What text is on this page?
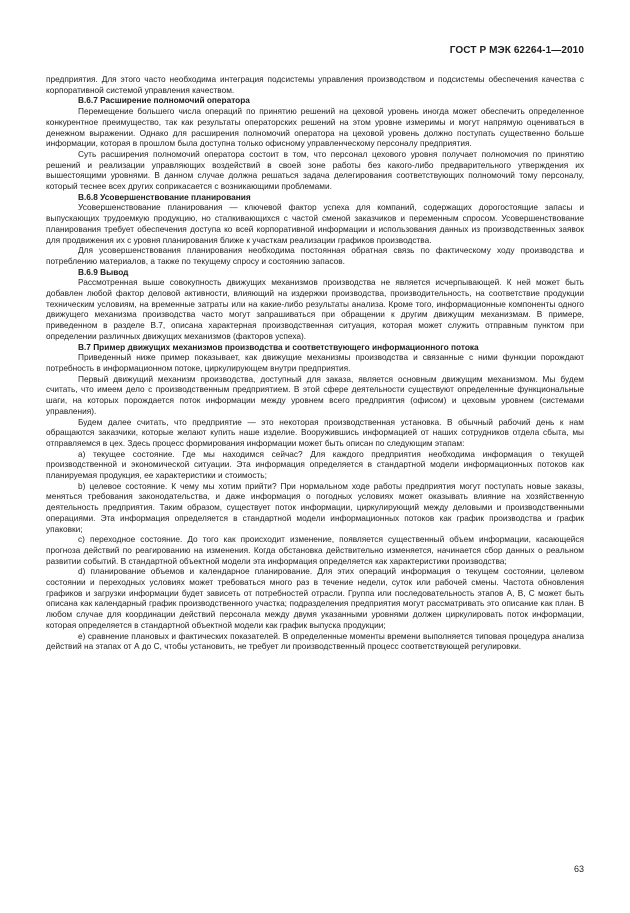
ГОСТ Р МЭК 62264-1—2010

предприятия. Для этого часто необходима интеграция подсистемы управления производством и подсистемы обеспечения качества с корпоративной системой управления качеством.

В.6.7 Расширение полномочий оператора

Перемещение большего числа операций по принятию решений на цеховой уровень иногда может обеспечить определенное конкурентное преимущество, так как результаты операторских решений на этом уровне измеримы и могут напрямую оцениваться в денежном выражении. Однако для расширения полномочий оператора на цеховой уровень должно поступать существенно больше информации, которая в прошлом была доступна только офисному управленческому персоналу предприятия.

Суть расширения полномочий оператора состоит в том, что персонал цехового уровня получает полномочия по принятию решений и реализации управляющих воздействий в своей зоне работы без какого-либо предварительного утверждения их вышестоящими уровнями. В данном случае должна решаться задача делегирования соответствующих полномочий тому персоналу, который теснее всех других соприкасается с возникающими проблемами.

В.6.8 Усовершенствование планирования

Усовершенствование планирования — ключевой фактор успеха для компаний, содержащих дорогостоящие запасы и выпускающих трудоемкую продукцию, но сталкивающихся с частой сменой заказчиков и переменным спросом. Усовершенствование планирования требует обеспечения доступа ко всей корпоративной информации и использования данных из производственных заявок для продвижения их с уровня планирования ближе к участкам реализации графиков производства.

Для усовершенствования планирования необходима постоянная обратная связь по фактическому ходу производства и потреблению материалов, а также по текущему спросу и состоянию запасов.

В.6.9 Вывод

Рассмотренная выше совокупность движущих механизмов производства не является исчерпывающей. К ней может быть добавлен любой фактор деловой активности, влияющий на издержки производства, производительность, на соответствие продукции техническим условиям, на временные затраты или на какие-либо результаты анализа. Кроме того, информационные компоненты одного движущего механизма производства часто могут запрашиваться при обращении к другим движущим механизмам. В примере, приведенном в разделе В.7, описана характерная производственная ситуация, которая может служить отправным пунктом при определении различных движущих механизмов (факторов успеха).

В.7 Пример движущих механизмов производства и соответствующего информационного потока

Приведенный ниже пример показывает, как движущие механизмы производства и связанные с ними функции порождают потребность в информационном потоке, циркулирующем внутри предприятия.

Первый движущий механизм производства, доступный для заказа, является основным движущим механизмом. Мы будем считать, что имеем дело с производственным предприятием. В этой сфере деятельности существуют определенные функциональные шаги, на которых порождается поток информации между уровнем всего предприятия (офисом) и цеховым уровнем (системами управления).

Будем далее считать, что предприятие — это некоторая производственная установка. В обычный рабочий день к нам обращаются заказчики, которые желают купить наше изделие. Вооружившись информацией от наших сотрудников отдела сбыта, мы отправляемся в цех. Здесь процесс формирования информации может быть описан по следующим этапам:

а) текущее состояние. Где мы находимся сейчас? Для каждого предприятия необходима информация о текущей производственной и экономической ситуации. Эта информация определяется в стандартной модели информационных потоков как планируемая продукция, ее характеристики и стоимость;

b) целевое состояние. К чему мы хотим прийти? При нормальном ходе работы предприятия могут поступать новые заказы, меняться требования законодательства, и даже информация о погодных условиях может оказывать влияние на хозяйственную деятельность предприятия. Таким образом, существует поток информации, циркулирующий между деловыми и производственными операциями. Эта информация определяется в стандартной модели информационных потоков как график производства и график упаковки;

с) переходное состояние. До того как происходит изменение, появляется существенный объем информации, касающейся прогноза действий по реагированию на изменения. Когда обстановка действительно изменяется, начинается сбор данных о реальном развитии событий. В стандартной объектной модели эта информация определяется как характеристики производства;

d) планирование объемов и календарное планирование. Для этих операций информация о текущем состоянии, целевом состоянии и переходных условиях может требоваться много раз в течение недели, суток или рабочей смены. Частота обновления графиков и загрузки информации будет зависеть от потребностей отрасли. Группа или последовательность этапов А, В, С может быть описана как календарный график производственного участка; подразделения предприятия могут рассматривать это описание как план. В любом случае для координации действий персонала между двумя указанными уровнями должен циркулировать поток информации, которая определяется в стандартной объектной модели как график выпуска продукции;

е) сравнение плановых и фактических показателей. В определенные моменты времени выполняется типовая процедура анализа действий на этапах от А до С, чтобы установить, не требует ли производственный процесс соответствующей регулировки.

63
